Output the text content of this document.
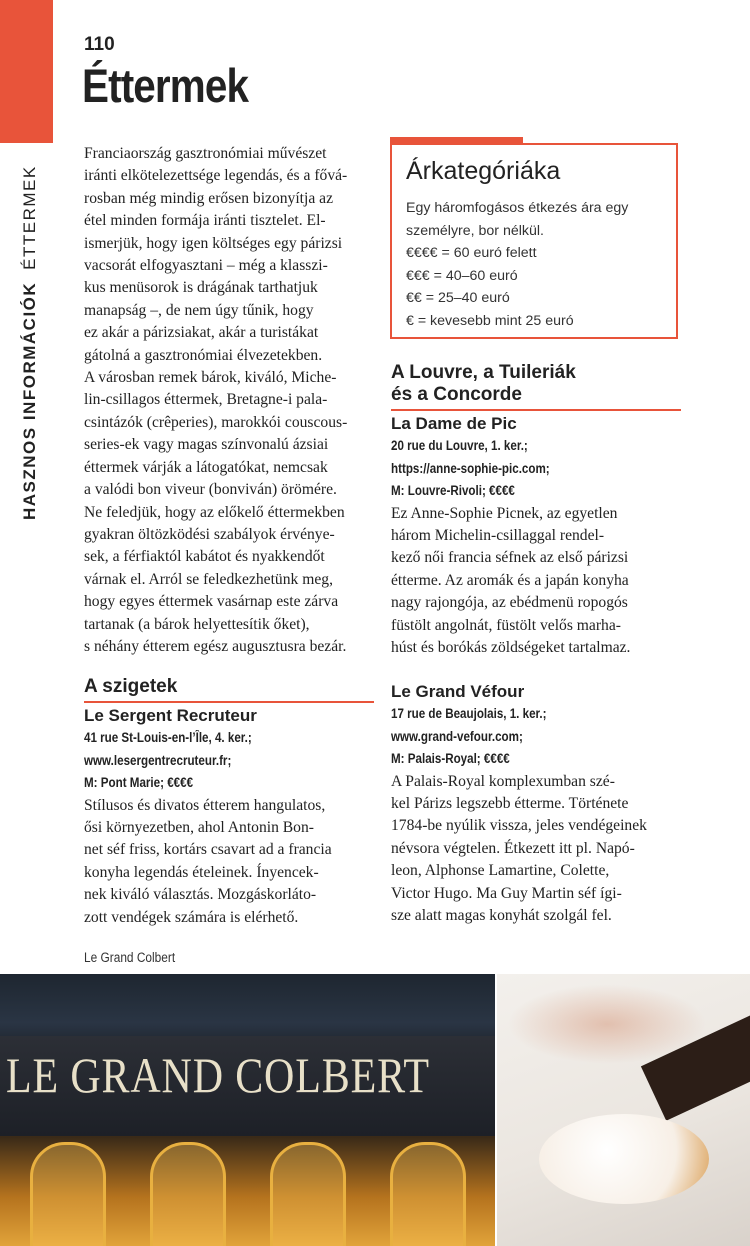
HASZNOS INFORMÁCIÓKÉTTERMEK
110
Éttermek
Franciaország gasztronómiai művészet
iránti elkötelezettsége legendás, és a fővá-
rosban még mindig erősen bizonyítja az
étel minden formája iránti tisztelet. El-
ismerjük, hogy igen költséges egy párizsi
vacsorát elfogyasztani – még a klasszi-
kus menüsorok is drágának tarthatjuk
manapság –, de nem úgy tűnik, hogy
ez akár a párizsiakat, akár a turistákat
gátolná a gasztronómiai élvezetekben.
A városban remek bárok, kiváló, Miche-
lin-csillagos éttermek, Bretagne-i pala-
csintázók (crêperies), marokkói couscous-
series-ek vagy magas színvonalú ázsiai
éttermek várják a látogatókat, nemcsak
a valódi bon viveur (bonviván) örömére.
Ne feledjük, hogy az előkelő éttermekben
gyakran öltözködési szabályok érvénye-
sek, a férfiaktól kabátot és nyakkendőt
várnak el. Arról se feledkezhetünk meg,
hogy egyes éttermek vasárnap este zárva
tartanak (a bárok helyettesítik őket),
s néhány étterem egész augusztusra bezár.
Árkategóriáka
Egy háromfogásos étkezés ára egy
személyre, bor nélkül.
€€€€ = 60 euró felett
€€€ = 40–60 euró
€€ = 25–40 euró
€ = kevesebb mint 25 euró
A szigetek
Le Sergent Recruteur
41 rue St-Louis-en-l’Île, 4. ker.;
www.lesergentrecruteur.fr;
M: Pont Marie; €€€€
Stílusos és divatos étterem hangulatos,
ősi környezetben, ahol Antonin Bon-
net séf friss, kortárs csavart ad a francia
konyha legendás ételeinek. Ínyencek-
nek kiváló választás. Mozgáskorláto-
zott vendégek számára is elérhető.
A Louvre, a Tuileriák
és a Concorde
La Dame de Pic
20 rue du Louvre, 1. ker.;
https://anne-sophie-pic.com;
M: Louvre-Rivoli; €€€€
Ez Anne-Sophie Picnek, az egyetlen
három Michelin-csillaggal rendel-
kező női francia séfnek az első párizsi
étterme. Az aromák és a japán konyha
nagy rajongója, az ebédmenü ropogós
füstölt angolnát, füstölt velős marha-
húst és borókás zöldségeket tartalmaz.
Le Grand Véfour
17 rue de Beaujolais, 1. ker.;
www.grand-vefour.com;
M: Palais-Royal; €€€€
A Palais-Royal komplexumban szé-
kel Párizs legszebb étterme. Története
1784-be nyúlik vissza, jeles vendégeinek
névsora végtelen. Étkezett itt pl. Napó-
leon, Alphonse Lamartine, Colette,
Victor Hugo. Ma Guy Martin séf ígi-
sze alatt magas konyhát szolgál fel.
Le Grand Colbert
LE GRAND COLBERT
